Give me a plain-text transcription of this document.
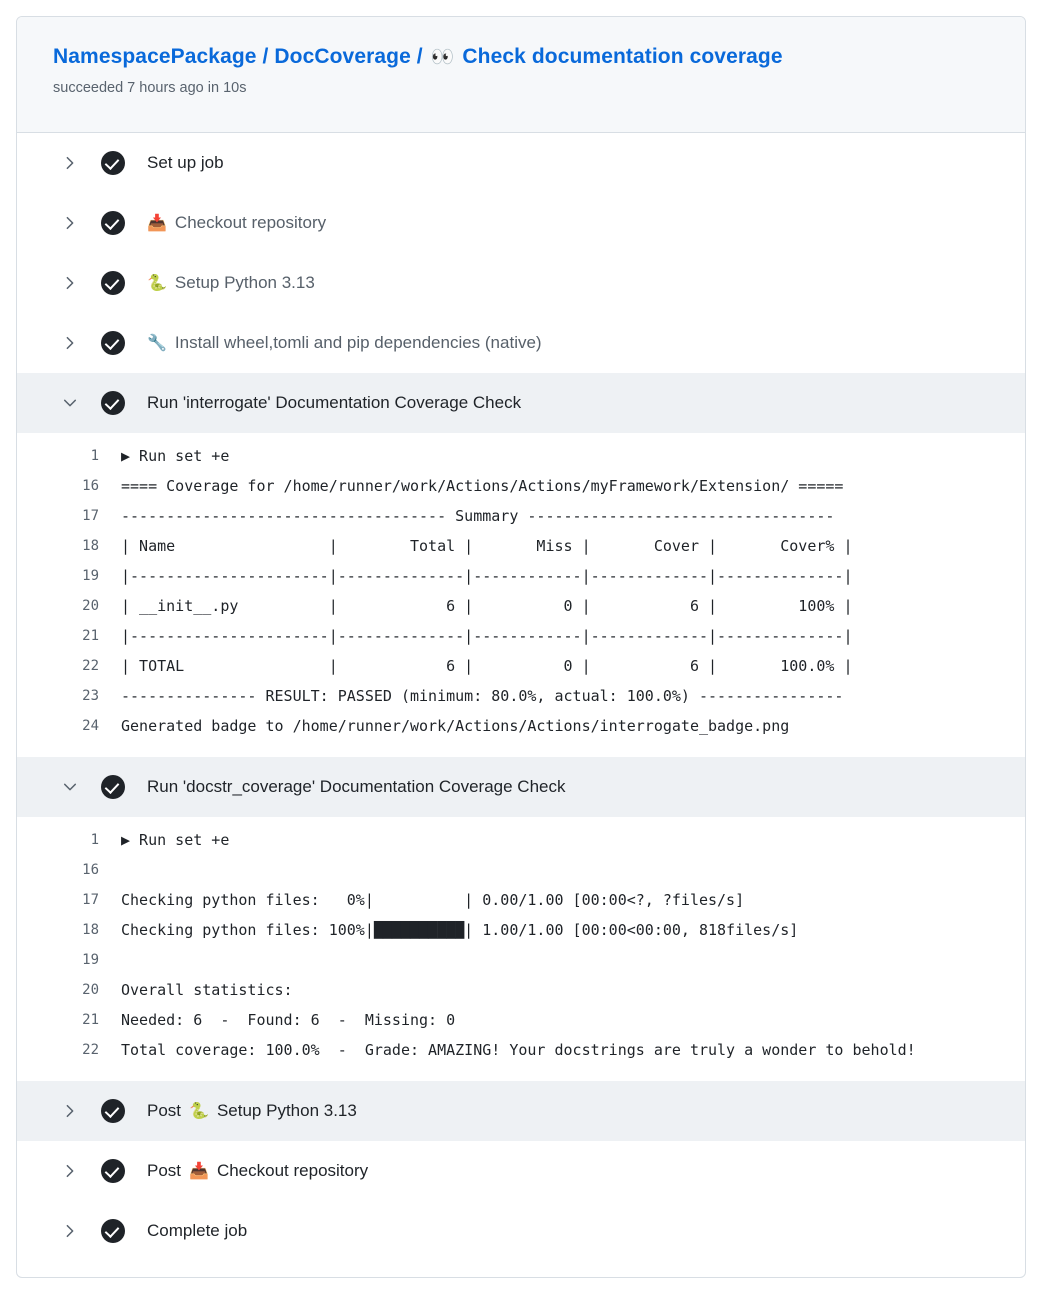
NamespacePackage / DocCoverage / 👀 Check documentation coverage
succeeded 7 hours ago in 10s
Set up job
📥 Checkout repository
🐍 Setup Python 3.13
🔧 Install wheel,tomli and pip dependencies (native)
Run 'interrogate' Documentation Coverage Check
1	▶ Run set +e
16	==== Coverage for /home/runner/work/Actions/Actions/myFramework/Extension/ =====
17	------------------------------------ Summary ----------------------------------
18	| Name                 |        Total |       Miss |       Cover |       Cover% |
19	|----------------------|--------------|------------|-------------|--------------|
20	| __init__.py          |            6 |          0 |           6 |         100% |
21	|----------------------|--------------|------------|-------------|--------------|
22	| TOTAL                |            6 |          0 |           6 |       100.0% |
23	--------------- RESULT: PASSED (minimum: 80.0%, actual: 100.0%) ----------------
24	Generated badge to /home/runner/work/Actions/Actions/interrogate_badge.png
Run 'docstr_coverage' Documentation Coverage Check
1	▶ Run set +e
16
17	Checking python files:   0%|          | 0.00/1.00 [00:00<?, ?files/s]
18	Checking python files: 100%|██████████| 1.00/1.00 [00:00<00:00, 818files/s]
19
20	Overall statistics:
21	Needed: 6  -  Found: 6  -  Missing: 0
22	Total coverage: 100.0%  -  Grade: AMAZING! Your docstrings are truly a wonder to behold!
Post 🐍 Setup Python 3.13
Post 📥 Checkout repository
Complete job
